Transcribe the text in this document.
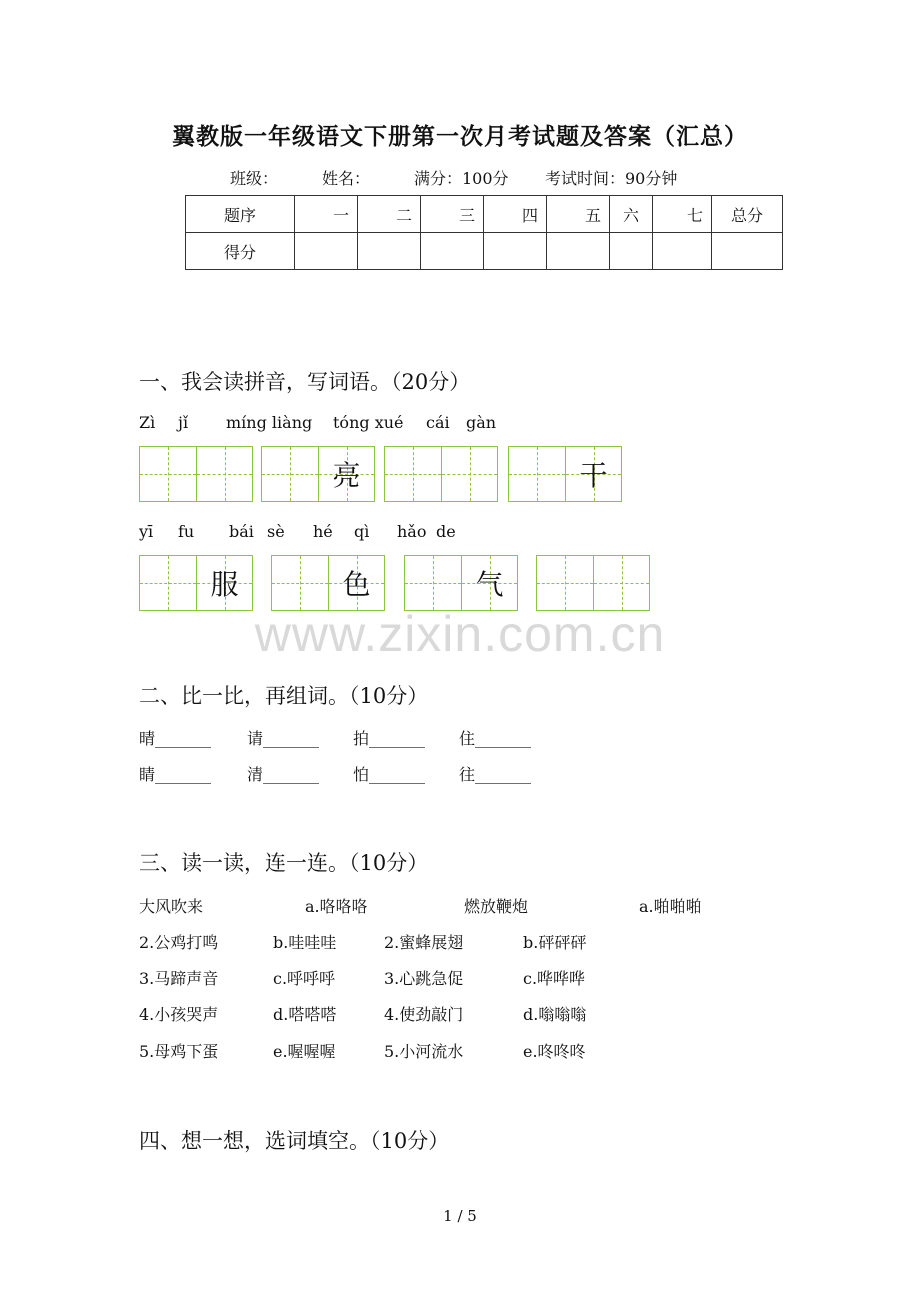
翼教版一年级语文下册第一次月考试题及答案（汇总）
班级：	姓名：	满分：100分 考试时间：90分钟
题序	一	二	三	四	五	六	七	总分
得分								
一、我会读拼音，写词语。（20分）
Zì jǐ míng liàng tóng xué cái gàn
亮	干
yī fu bái sè hé qì hǎo de
服	色	气
www.zixin.com.cn
二、比一比，再组词。（10分）
晴_______ 请_______ 拍_______ 住_______
睛_______ 清_______ 怕_______ 往_______
三、读一读，连一连。（10分）
大风吹来	a.咯咯咯	燃放鞭炮	a.啪啪啪
2.公鸡打鸣	b.哇哇哇	2.蜜蜂展翅	b.砰砰砰
3.马蹄声音	c.呼呼呼	3.心跳急促	c.哗哗哗
4.小孩哭声	d.嗒嗒嗒	4.使劲敲门	d.嗡嗡嗡
5.母鸡下蛋	e.喔喔喔	5.小河流水	e.咚咚咚
四、想一想，选词填空。（10分）
1 / 5
